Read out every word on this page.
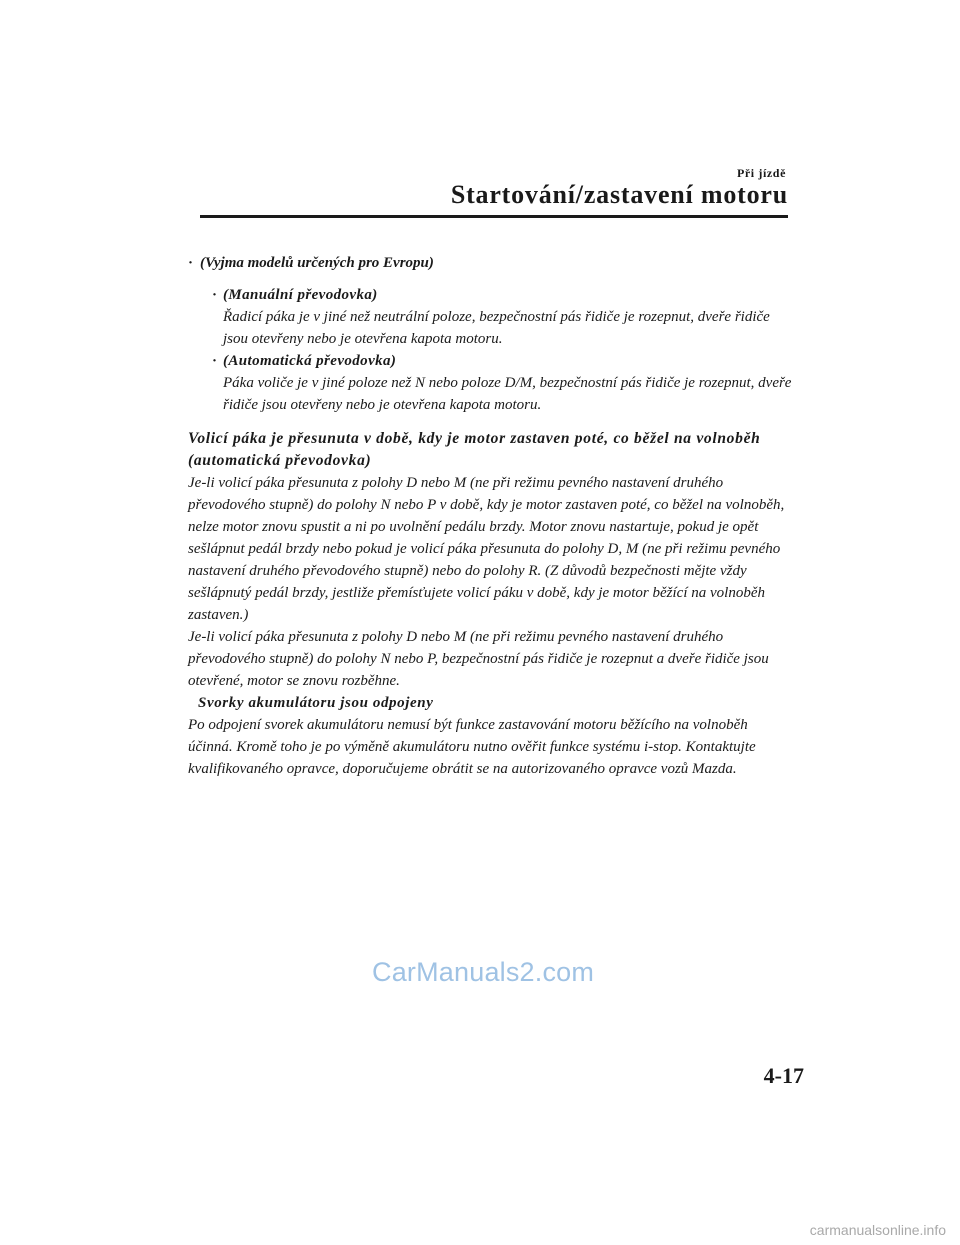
Při jízdě
Startování/zastavení motoru
· (Vyjma modelů určených pro Evropu)
· (Manuální převodovka)
Řadicí páka je v jiné než neutrální poloze, bezpečnostní pás řidiče je rozepnut, dveře řidiče jsou otevřeny nebo je otevřena kapota motoru.
· (Automatická převodovka)
Páka voliče je v jiné poloze než N nebo poloze D/M, bezpečnostní pás řidiče je rozepnut, dveře řidiče jsou otevřeny nebo je otevřena kapota motoru.
Volicí páka je přesunuta v době, kdy je motor zastaven poté, co běžel na volnoběh (automatická převodovka)

Je-li volicí páka přesunuta z polohy D nebo M (ne při režimu pevného nastavení druhého převodového stupně) do polohy N nebo P v době, kdy je motor zastaven poté, co běžel na volnoběh, nelze motor znovu spustit a ni po uvolnění pedálu brzdy. Motor znovu nastartuje, pokud je opět sešlápnut pedál brzdy nebo pokud je volicí páka přesunuta do polohy D, M (ne při režimu pevného nastavení druhého převodového stupně) nebo do polohy R. (Z důvodů bezpečnosti mějte vždy sešlápnutý pedál brzdy, jestliže přemísťujete volicí páku v době, kdy je motor běžící na volnoběh zastaven.)

Je-li volicí páka přesunuta z polohy D nebo M (ne při režimu pevného nastavení druhého převodového stupně) do polohy N nebo P, bezpečnostní pás řidiče je rozepnut a dveře řidiče jsou otevřené, motor se znovu rozběhne.

Svorky akumulátoru jsou odpojeny

Po odpojení svorek akumulátoru nemusí být funkce zastavování motoru běžícího na volnoběh účinná. Kromě toho je po výměně akumulátoru nutno ověřit funkce systému i-stop. Kontaktujte kvalifikovaného opravce, doporučujeme obrátit se na autorizovaného opravce vozů Mazda.

CarManuals2.com
4-17
carmanualsonline.info
